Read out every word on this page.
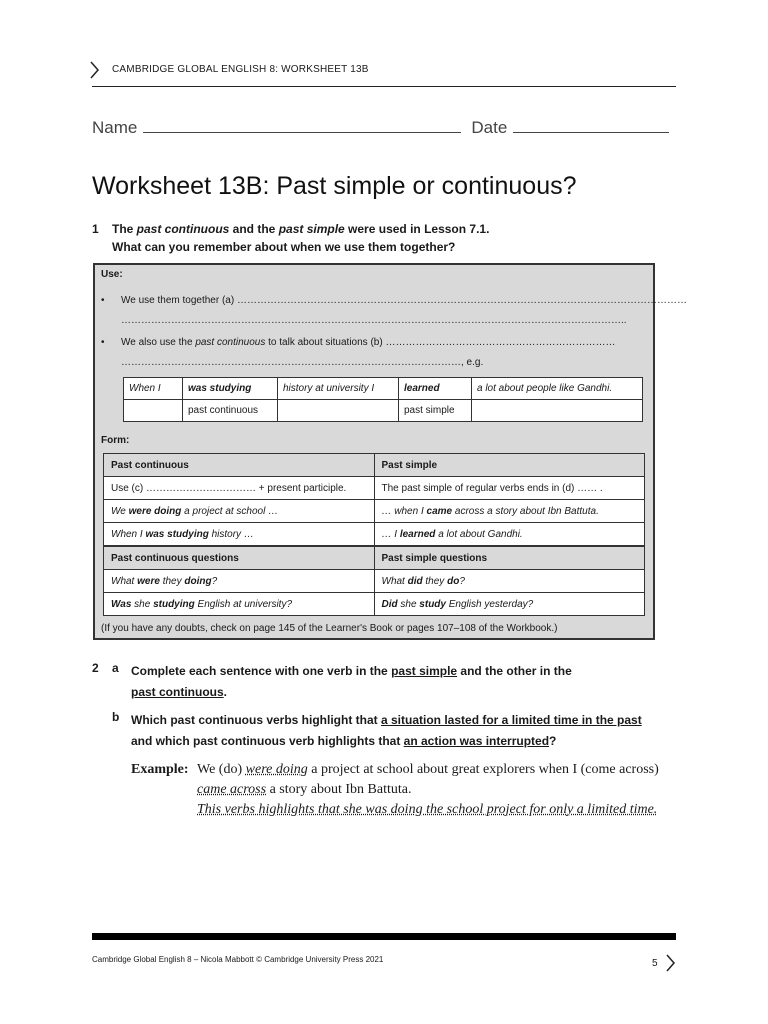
CAMBRIDGE GLOBAL ENGLISH 8: WORKSHEET 13B
Name	Date
Worksheet 13B: Past simple or continuous?
1 The past continuous and the past simple were used in Lesson 7.1.
What can you remember about when we use them together?
Use:
• We use them together (a) ………………………………………………………………………………………………………………………
……………………………………………………………………………………………………………………………………..
• We also use the past continuous to talk about situations (b) ……………………………………………………………
…………………………………………………………………………………………, e.g.
When I	was studying	history at university I	learned	a lot about people like Gandhi.
	past continuous		past simple	
Form:
Past continuous	Past simple
Use (c) …………………………… + present participle.	The past simple of regular verbs ends in (d) …… .
We were doing a project at school …	… when I came across a story about Ibn Battuta.
When I was studying history …	… I learned a lot about Gandhi.
Past continuous questions	Past simple questions
What were they doing?	What did they do?
Was she studying English at university?	Did she study English yesterday?
(If you have any doubts, check on page 145 of the Learner's Book or pages 107–108 of the Workbook.)
2 a Complete each sentence with one verb in the past simple and the other in the
past continuous.
b Which past continuous verbs highlight that a situation lasted for a limited time in the past
and which past continuous verb highlights that an action was interrupted?
Example: We (do) were doing a project at school about great explorers when I (come across)
came across a story about Ibn Battuta.
This verbs highlights that she was doing the school project for only a limited time.
Cambridge Global English 8 – Nicola Mabbott © Cambridge University Press 2021	5
